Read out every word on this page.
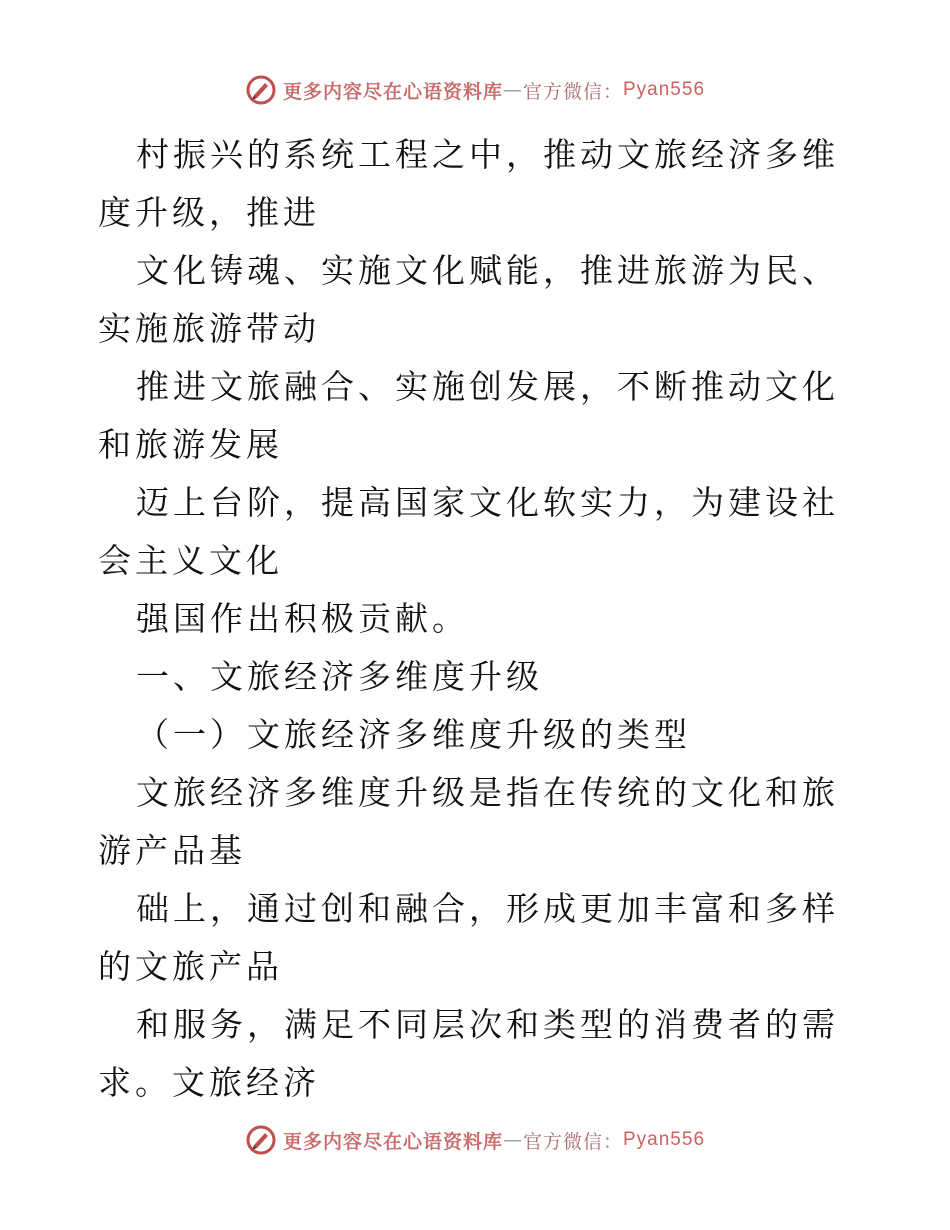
更多内容尽在心语资料库 — 官方微信： Pyan556

村振兴的系统工程之中，推动文旅经济多维度升级，推进

文化铸魂、实施文化赋能，推进旅游为民、实施旅游带动

推进文旅融合、实施创发展，不断推动文化和旅游发展

迈上台阶，提高国家文化软实力，为建设社会主义文化

强国作出积极贡献。

一、文旅经济多维度升级

（一）文旅经济多维度升级的类型

文旅经济多维度升级是指在传统的文化和旅游产品基

础上，通过创和融合，形成更加丰富和多样的文旅产品

和服务，满足不同层次和类型的消费者的需求。文旅经济

更多内容尽在心语资料库 — 官方微信： Pyan556
